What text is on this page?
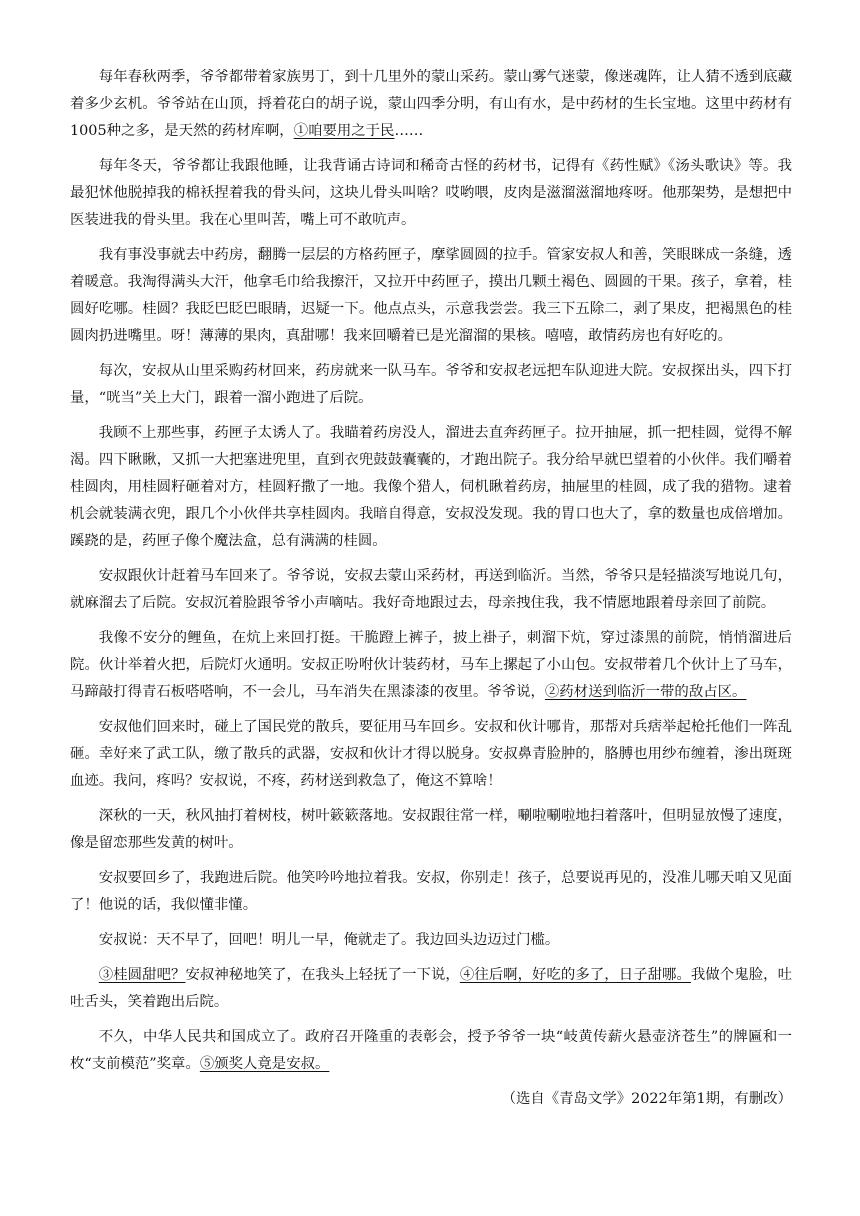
每年春秋两季，爷爷都带着家族男丁，到十几里外的蒙山采药。蒙山雾气迷蒙，像迷魂阵，让人猜不透到底藏着多少玄机。爷爷站在山顶，捋着花白的胡子说，蒙山四季分明，有山有水，是中药材的生长宝地。这里中药材有1005种之多，是天然的药材库啊，①咱要用之于民……

每年冬天，爷爷都让我跟他睡，让我背诵古诗词和稀奇古怪的药材书，记得有《药性赋》《汤头歌诀》等。我最犯怵他脱掉我的棉袄捏着我的骨头问，这块儿骨头叫啥？哎哟喂，皮肉是滋溜滋溜地疼呀。他那架势，是想把中医装进我的骨头里。我在心里叫苦，嘴上可不敢吭声。

我有事没事就去中药房，翻腾一层层的方格药匣子，摩挲圆圆的拉手。管家安叔人和善，笑眼眯成一条缝，透着暖意。我淘得满头大汗，他拿毛巾给我擦汗，又拉开中药匣子，摸出几颗土褐色、圆圆的干果。孩子，拿着，桂圆好吃哪。桂圆？我眨巴眨巴眼睛，迟疑一下。他点点头，示意我尝尝。我三下五除二，剥了果皮，把褐黑色的桂圆肉扔进嘴里。呀！薄薄的果肉，真甜哪！我来回嚼着已是光溜溜的果核。嘻嘻，敢情药房也有好吃的。

每次，安叔从山里采购药材回来，药房就来一队马车。爷爷和安叔老远把车队迎进大院。安叔探出头，四下打量，“咣当”关上大门，跟着一溜小跑进了后院。

我顾不上那些事，药匣子太诱人了。我瞄着药房没人，溜进去直奔药匣子。拉开抽屉，抓一把桂圆，觉得不解渴。四下瞅瞅，又抓一大把塞进兜里，直到衣兜鼓鼓囊囊的，才跑出院子。我分给早就巴望着的小伙伴。我们嚼着桂圆肉，用桂圆籽砸着对方，桂圆籽撒了一地。我像个猎人，伺机瞅着药房，抽屉里的桂圆，成了我的猎物。逮着机会就装满衣兜，跟几个小伙伴共享桂圆肉。我暗自得意，安叔没发现。我的胃口也大了，拿的数量也成倍增加。蹊跷的是，药匣子像个魔法盒，总有满满的桂圆。

安叔跟伙计赶着马车回来了。爷爷说，安叔去蒙山采药材，再送到临沂。当然，爷爷只是轻描淡写地说几句，就麻溜去了后院。安叔沉着脸跟爷爷小声嘀咕。我好奇地跟过去，母亲拽住我，我不情愿地跟着母亲回了前院。

我像不安分的鲤鱼，在炕上来回打挺。干脆蹬上裤子，披上褂子，刺溜下炕，穿过漆黑的前院，悄悄溜进后院。伙计举着火把，后院灯火通明。安叔正吩咐伙计装药材，马车上摞起了小山包。安叔带着几个伙计上了马车，马蹄敲打得青石板嗒嗒响，不一会儿，马车消失在黑漆漆的夜里。爷爷说，②药材送到临沂一带的敌占区。

安叔他们回来时，碰上了国民党的散兵，要征用马车回乡。安叔和伙计哪肯，那帮对兵痞举起枪托他们一阵乱砸。幸好来了武工队，缴了散兵的武器，安叔和伙计才得以脱身。安叔鼻青脸肿的，胳膊也用纱布缠着，渗出斑斑血迹。我问，疼吗？安叔说，不疼，药材送到救急了，俺这不算啥！

深秋的一天，秋风抽打着树枝，树叶簌簌落地。安叔跟往常一样，唰啦唰啦地扫着落叶，但明显放慢了速度，像是留恋那些发黄的树叶。

安叔要回乡了，我跑进后院。他笑吟吟地拉着我。安叔，你别走！孩子，总要说再见的，没准儿哪天咱又见面了！他说的话，我似懂非懂。

安叔说：天不早了，回吧！明儿一早，俺就走了。我边回头边迈过门槛。

③桂圆甜吧？安叔神秘地笑了，在我头上轻抚了一下说，④往后啊，好吃的多了，日子甜哪。我做个鬼脸，吐吐舌头，笑着跑出后院。

不久，中华人民共和国成立了。政府召开隆重的表彰会，授予爷爷一块“岐黄传薪火悬壶济苍生”的牌匾和一枚“支前模范”奖章。⑤颁奖人竟是安叔。

（选自《青岛文学》2022年第1期，有删改）
